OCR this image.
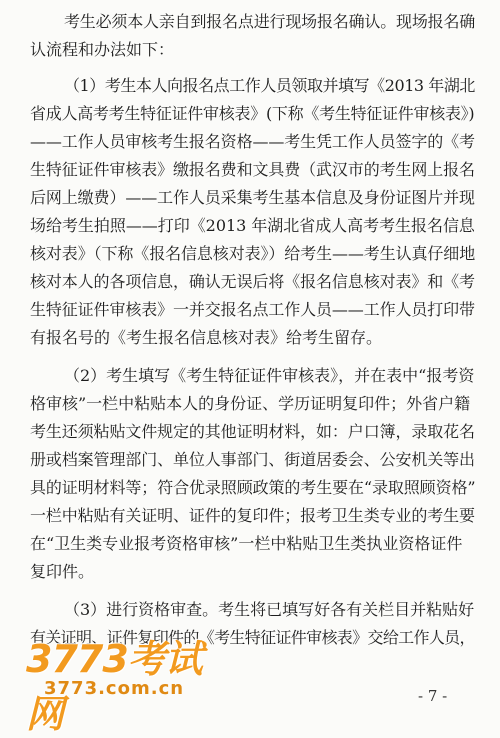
考生必须本人亲自到报名点进行现场报名确认。现场报名确
认流程和办法如下：
（1）考生本人向报名点工作人员领取并填写《2013 年湖北
省成人高考考生特征证件审核表》(下称《考生特征证件审核表》)
——工作人员审核考生报名资格——考生凭工作人员签字的《考
生特征证件审核表》缴报名费和文具费（武汉市的考生网上报名
后网上缴费）——工作人员采集考生基本信息及身份证图片并现
场给考生拍照——打印《2013 年湖北省成人高考考生报名信息
核对表》（下称《报名信息核对表》）给考生——考生认真仔细地
核对本人的各项信息，确认无误后将《报名信息核对表》和《考
生特征证件审核表》一并交报名点工作人员——工作人员打印带
有报名号的《考生报名信息核对表》给考生留存。
（2）考生填写《考生特征证件审核表》，并在表中“报考资
格审核”一栏中粘贴本人的身份证、学历证明复印件；外省户籍
考生还须粘贴文件规定的其他证明材料，如：户口簿，录取花名
册或档案管理部门、单位人事部门、街道居委会、公安机关等出
具的证明材料等；符合优录照顾政策的考生要在“录取照顾资格”
一栏中粘贴有关证明、证件的复印件；报考卫生类专业的考生要
在“卫生类专业报考资格审核”一栏中粘贴卫生类执业资格证件
复印件。
（3）进行资格审查。考生将已填写好各有关栏目并粘贴好
有关证明、证件复印件的《考生特征证件审核表》交给工作人员，
3773考试网
3773.com.cn	- 7 -
